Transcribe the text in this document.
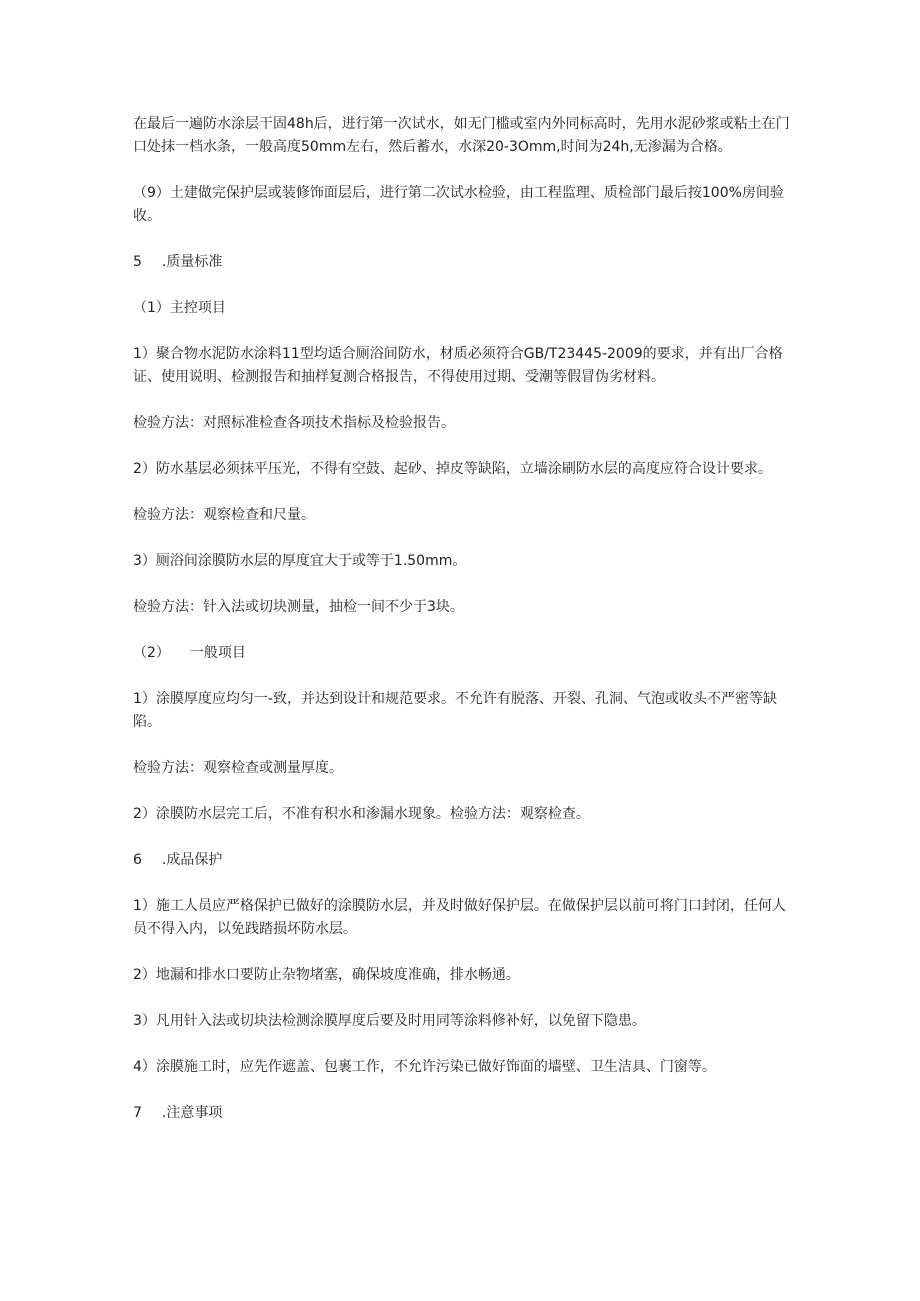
在最后一遍防水涂层干固48h后，进行第一次试水，如无门槛或室内外同标高时，先用水泥砂浆或粘土在门口处抹一档水条，一般高度50mm左右，然后蓄水，水深20-3Omm,时间为24h,无渗漏为合格。

（9）土建做完保护层或装修饰面层后，进行第二次试水检验，由工程监理、质检部门最后按100%房间验收。

5 .质量标准

（1）主控项目

1）聚合物水泥防水涂料11型均适合厕浴间防水，材质必须符合GB/T23445-2009的要求，并有出厂合格证、使用说明、检测报告和抽样复测合格报告，不得使用过期、受潮等假冒伪劣材料。

检验方法：对照标准检查各项技术指标及检验报告。

2）防水基层必须抹平压光，不得有空鼓、起砂、掉皮等缺陷，立墙涂刷防水层的高度应符合设计要求。

检验方法：观察检查和尺量。

3）厕浴间涂膜防水层的厚度宜大于或等于1.50mm。

检验方法：针入法或切块测量，抽检一间不少于3块。

（2） 一般项目

1）涂膜厚度应均匀一-致，并达到设计和规范要求。不允许有脱落、开裂、孔洞、气泡或收头不严密等缺陷。

检验方法：观察检查或测量厚度。

2）涂膜防水层完工后，不准有积水和渗漏水现象。检验方法：观察检查。

6 .成品保护

1）施工人员应严格保护已做好的涂膜防水层，并及时做好保护层。在做保护层以前可将门口封闭，任何人员不得入内，以免践踏损坏防水层。

2）地漏和排水口要防止杂物堵塞，确保坡度准确，排水畅通。

3）凡用针入法或切块法检测涂膜厚度后要及时用同等涂料修补好，以免留下隐患。

4）涂膜施工时，应先作遮盖、包裹工作，不允许污染已做好饰面的墙壁、卫生洁具、门窗等。

7 .注意事项
